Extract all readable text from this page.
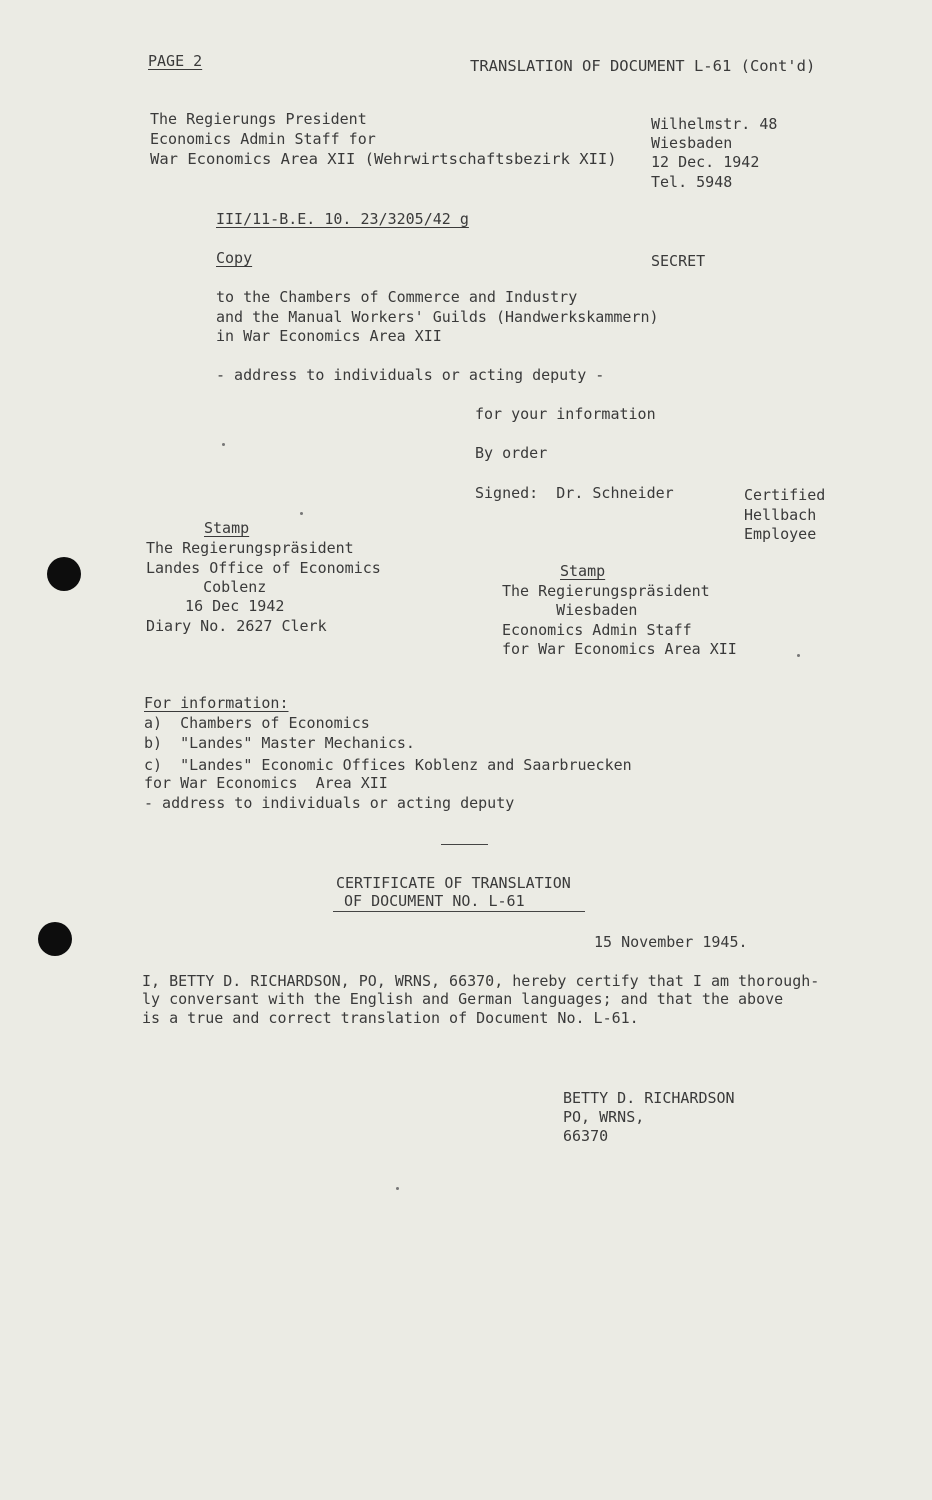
PAGE 2	TRANSLATION OF DOCUMENT L-61 (Cont'd)
The Regierungs President
Economics Admin Staff for
War Economics Area XII (Wehrwirtschaftsbezirk XII)
Wilhelmstr. 48
Wiesbaden
12 Dec. 1942
Tel. 5948
III/11-B.E. 10. 23/3205/42 g
Copy	SECRET
to the Chambers of Commerce and Industry
and the Manual Workers' Guilds (Handwerkskammern)
in War Economics Area XII
- address to individuals or acting deputy -
for your information
By order
Signed:  Dr. Schneider	Certified
Hellbach
Employee
Stamp
The Regierungspräsident
Landes Office of Economics
Coblenz
16 Dec 1942
Diary No. 2627 Clerk
Stamp
The Regierungspräsident
Wiesbaden
Economics Admin Staff
for War Economics Area XII
For information:
a)  Chambers of Economics
b)  "Landes" Master Mechanics.
c)  "Landes" Economic Offices Koblenz and Saarbruecken
for War Economics  Area XII
- address to individuals or acting deputy
CERTIFICATE OF TRANSLATION
OF DOCUMENT NO. L-61
15 November 1945.
I, BETTY D. RICHARDSON, PO, WRNS, 66370, hereby certify that I am thorough-
ly conversant with the English and German languages; and that the above
is a true and correct translation of Document No. L-61.
BETTY D. RICHARDSON
PO, WRNS,
66370
